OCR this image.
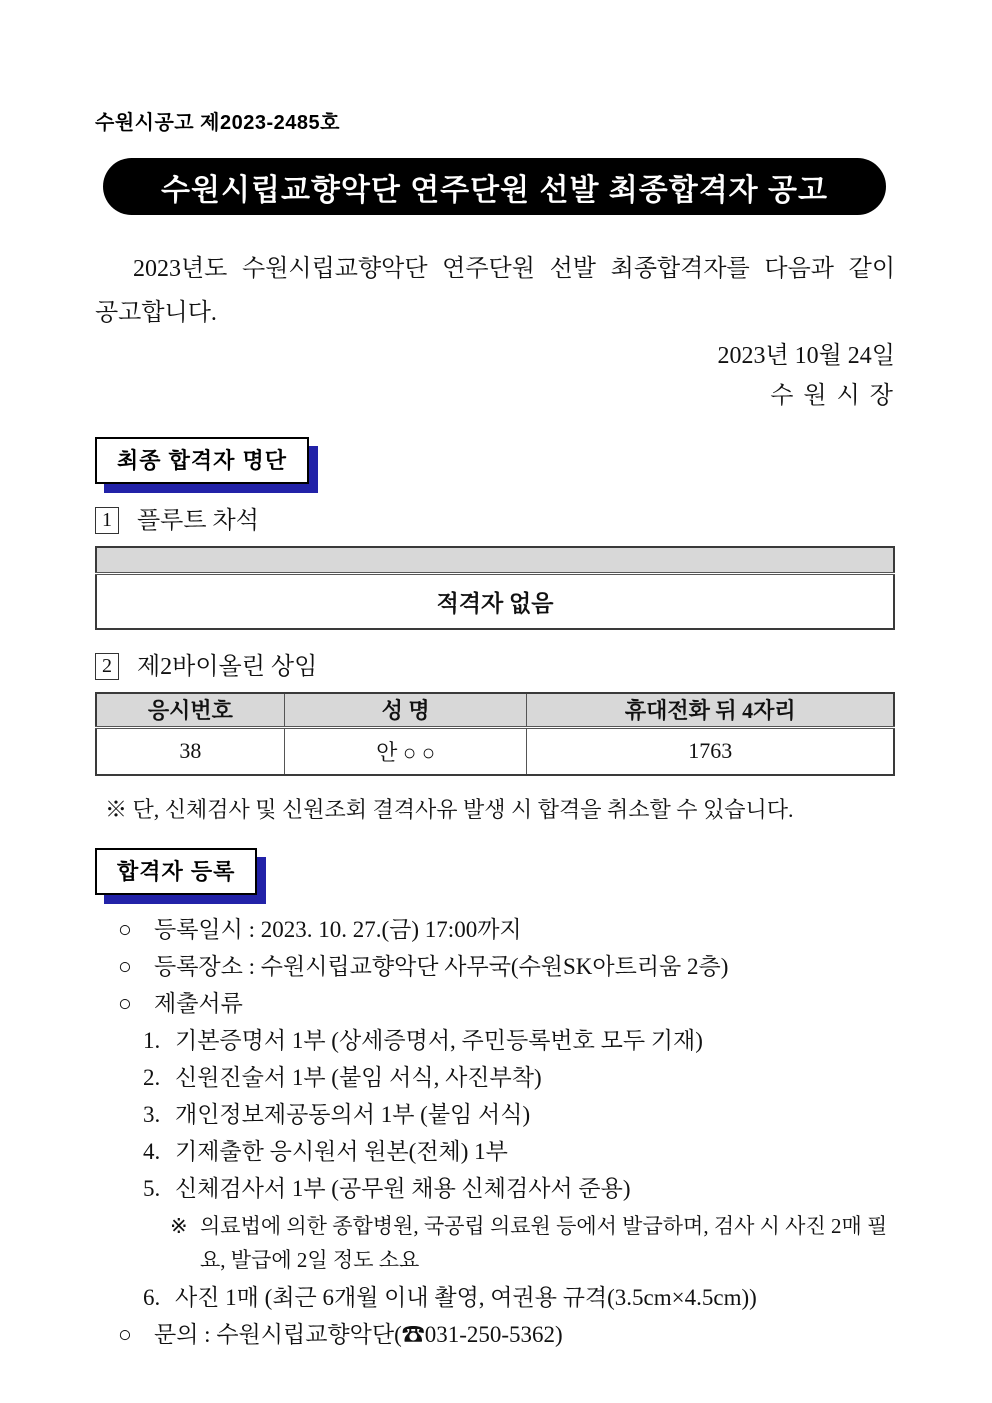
수원시공고 제2023-2485호
수원시립교향악단 연주단원 선발 최종합격자 공고
2023년도 수원시립교향악단 연주단원 선발 최종합격자를 다음과 같이
공고합니다.
2023년 10월 24일
수 원 시 장
최종 합격자 명단
1 플루트 차석

적격자 없음
2 제2바이올린 상임
응시번호	성 명	휴대전화 뒤 4자리
38	안 ○ ○	1763
※ 단, 신체검사 및 신원조회 결격사유 발생 시 합격을 취소할 수 있습니다.
합격자 등록
○ 등록일시 : 2023. 10. 27.(금) 17:00까지
○ 등록장소 : 수원시립교향악단 사무국(수원SK아트리움 2층)
○ 제출서류
1. 기본증명서 1부 (상세증명서, 주민등록번호 모두 기재)
2. 신원진술서 1부 (붙임 서식, 사진부착)
3. 개인정보제공동의서 1부 (붙임 서식)
4. 기제출한 응시원서 원본(전체) 1부
5. 신체검사서 1부 (공무원 채용 신체검사서 준용)
※ 의료법에 의한 종합병원, 국공립 의료원 등에서 발급하며, 검사 시 사진 2매 필요, 발급에 2일 정도 소요
6. 사진 1매 (최근 6개월 이내 촬영, 여권용 규격(3.5cm×4.5cm))
○ 문의 : 수원시립교향악단(☎031-250-5362)
